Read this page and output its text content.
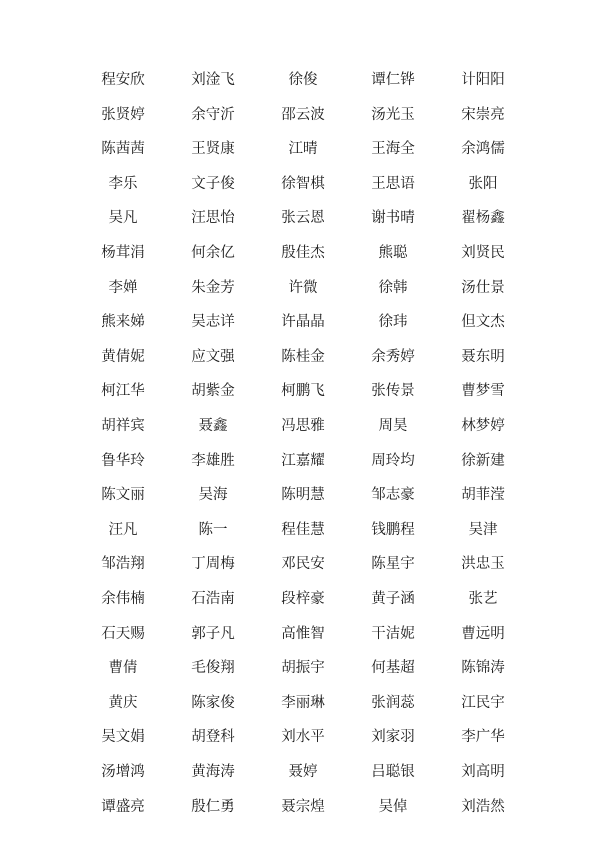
程安欣	刘淦飞	徐俊	谭仁铧	计阳阳
张贤婷	余守沂	邵云波	汤光玉	宋崇亮
陈茜茜	王贤康	江晴	王海全	余鸿儒
李乐	文子俊	徐智棋	王思语	张阳
吴凡	汪思怡	张云恩	谢书晴	翟杨鑫
杨茸涓	何余亿	殷佳杰	熊聪	刘贤民
李婵	朱金芳	许微	徐韩	汤仕景
熊来娣	吴志详	许晶晶	徐玮	但文杰
黄倩妮	应文强	陈桂金	余秀婷	聂东明
柯江华	胡紫金	柯鹏飞	张传景	曹梦雪
胡祥宾	聂鑫	冯思雅	周昊	林梦婷
鲁华玲	李雄胜	江嘉耀	周玲均	徐新建
陈文丽	吴海	陈明慧	邹志豪	胡菲滢
汪凡	陈一	程佳慧	钱鹏程	吴津
邹浩翔	丁周梅	邓民安	陈星宇	洪忠玉
余伟楠	石浩南	段梓豪	黄子涵	张艺
石天赐	郭子凡	高惟智	干洁妮	曹远明
曹倩	毛俊翔	胡振宇	何基超	陈锦涛
黄庆	陈家俊	李丽琳	张润蕊	江民宇
吴文娟	胡登科	刘水平	刘家羽	李广华
汤增鸿	黄海涛	聂婷	吕聪银	刘高明
谭盛亮	殷仁勇	聂宗煌	吴倬	刘浩然
